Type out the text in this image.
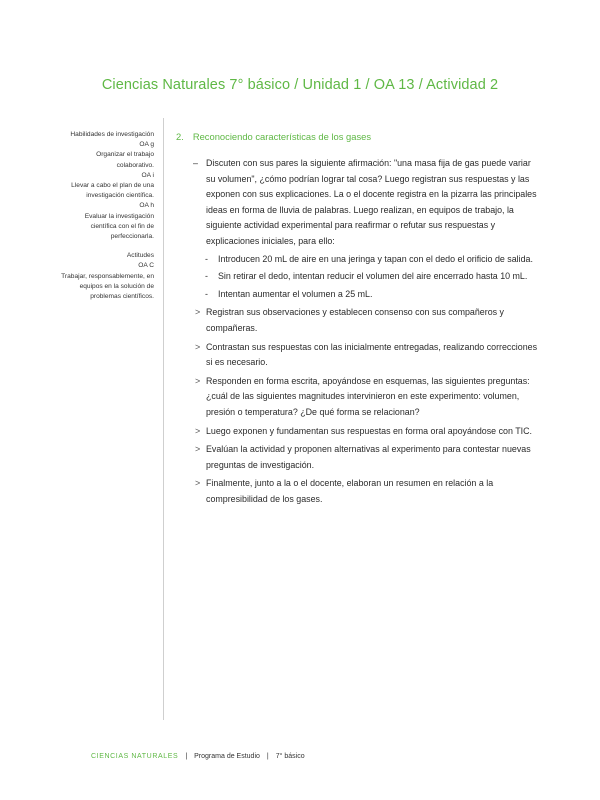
Ciencias Naturales 7° básico / Unidad 1 / OA 13 / Actividad 2
Habilidades de investigación
OA g
Organizar el trabajo colaborativo.
OA i
Llevar a cabo el plan de una investigación científica.
OA h
Evaluar la investigación científica con el fin de perfeccionarla.
Actitudes
OA C
Trabajar, responsablemente, en equipos en la solución de problemas científicos.
2. Reconociendo características de los gases
– Discuten con sus pares la siguiente afirmación: "una masa fija de gas puede variar su volumen", ¿cómo podrían lograr tal cosa? Luego registran sus respuestas y las exponen con sus explicaciones. La o el docente registra en la pizarra las principales ideas en forma de lluvia de palabras. Luego realizan, en equipos de trabajo, la siguiente actividad experimental para reafirmar o refutar sus respuestas y explicaciones iniciales, para ello:
- Introducen 20 mL de aire en una jeringa y tapan con el dedo el orificio de salida.
- Sin retirar el dedo, intentan reducir el volumen del aire encerrado hasta 10 mL.
- Intentan aumentar el volumen a 25 mL.
> Registran sus observaciones y establecen consenso con sus compañeros y compañeras.
> Contrastan sus respuestas con las inicialmente entregadas, realizando correcciones si es necesario.
> Responden en forma escrita, apoyándose en esquemas, las siguientes preguntas: ¿cuál de las siguientes magnitudes intervinieron en este experimento: volumen, presión o temperatura? ¿De qué forma se relacionan?
> Luego exponen y fundamentan sus respuestas en forma oral apoyándose con TIC.
> Evalúan la actividad y proponen alternativas al experimento para contestar nuevas preguntas de investigación.
> Finalmente, junto a la o el docente, elaboran un resumen en relación a la compresibilidad de los gases.
CIENCIAS NATURALES | Programa de Estudio | 7° básico
